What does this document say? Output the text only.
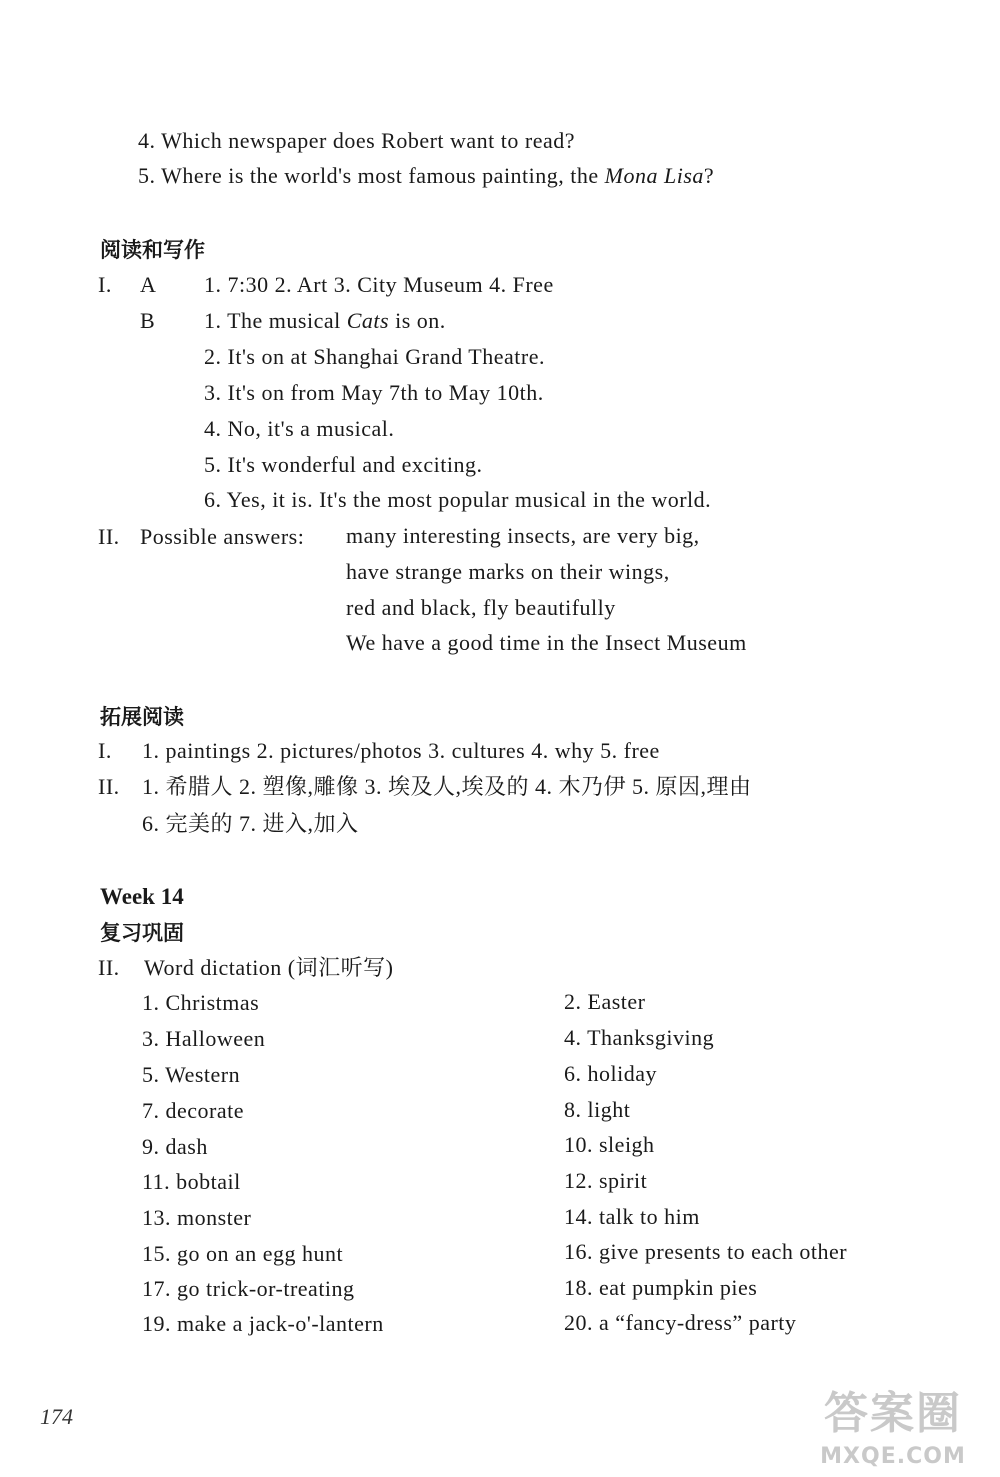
4. Which newspaper does Robert want to read?
5. Where is the world's most famous painting, the Mona Lisa?
阅读和写作
I. A 1. 7:30 2. Art 3. City Museum 4. Free
B 1. The musical Cats is on.
2. It's on at Shanghai Grand Theatre.
3. It's on from May 7th to May 10th.
4. No, it's a musical.
5. It's wonderful and exciting.
6. Yes, it is. It's the most popular musical in the world.
II. Possible answers: many interesting insects, are very big,
have strange marks on their wings,
red and black, fly beautifully
We have a good time in the Insect Museum
拓展阅读
I. 1. paintings 2. pictures/photos 3. cultures 4. why 5. free
II. 1. 希腊人 2. 塑像,雕像 3. 埃及人,埃及的 4. 木乃伊 5. 原因,理由
6. 完美的 7. 进入,加入
Week 14
复习巩固
II. Word dictation (词汇听写)
1. Christmas
3. Halloween
5. Western
7. decorate
9. dash
11. bobtail
13. monster
15. go on an egg hunt
17. go trick-or-treating
19. make a jack-o'-lantern
2. Easter
4. Thanksgiving
6. holiday
8. light
10. sleigh
12. spirit
14. talk to him
16. give presents to each other
18. eat pumpkin pies
20. a “fancy-dress” party
174	答案圈
MXQE.COM
